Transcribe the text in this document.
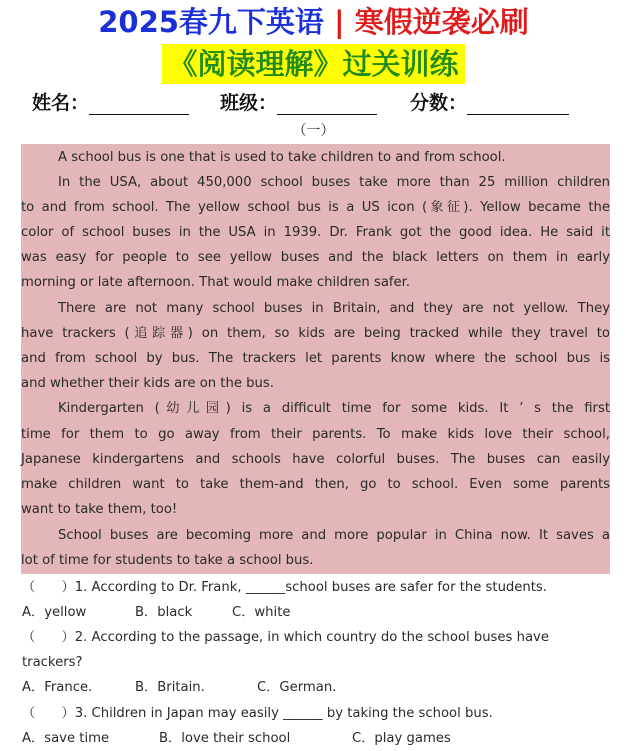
2025春九下英语 | 寒假逆袭必刷
《阅读理解》过关训练
姓名：	班级：	分数：
（一）
A school bus is one that is used to take children to and from school.
In the USA, about 450,000 school buses take more than 25 million children
to and from school. The yellow school bus is a US icon (象征). Yellow became the
color of school buses in the USA in 1939. Dr. Frank got the good idea. He said it
was easy for people to see yellow buses and the black letters on them in early
morning or late afternoon. That would make children safer.
There are not many school buses in Britain, and they are not yellow. They
have trackers (追踪器) on them, so kids are being tracked while they travel to
and from school by bus. The trackers let parents know where the school bus is
and whether their kids are on the bus.
Kindergarten (幼儿园) is a difficult time for some kids. It ’ s the first
time for them to go away from their parents. To make kids love their school,
Japanese kindergartens and schools have colorful buses. The buses can easily
make children want to take them-and then, go to school. Even some parents
want to take them, too!
School buses are becoming more and more popular in China now. It saves a
lot of time for students to take a school bus.
（　　）1. According to Dr. Frank, ______school buses are safer for the students.
A．yellow	B．black	C．white
（　　）2. According to the passage, in which country do the school buses have
trackers?
A．France.	B．Britain.	C．German.
（　　）3. Children in Japan may easily ______ by taking the school bus.
A．save time	B．love their school	C．play games
